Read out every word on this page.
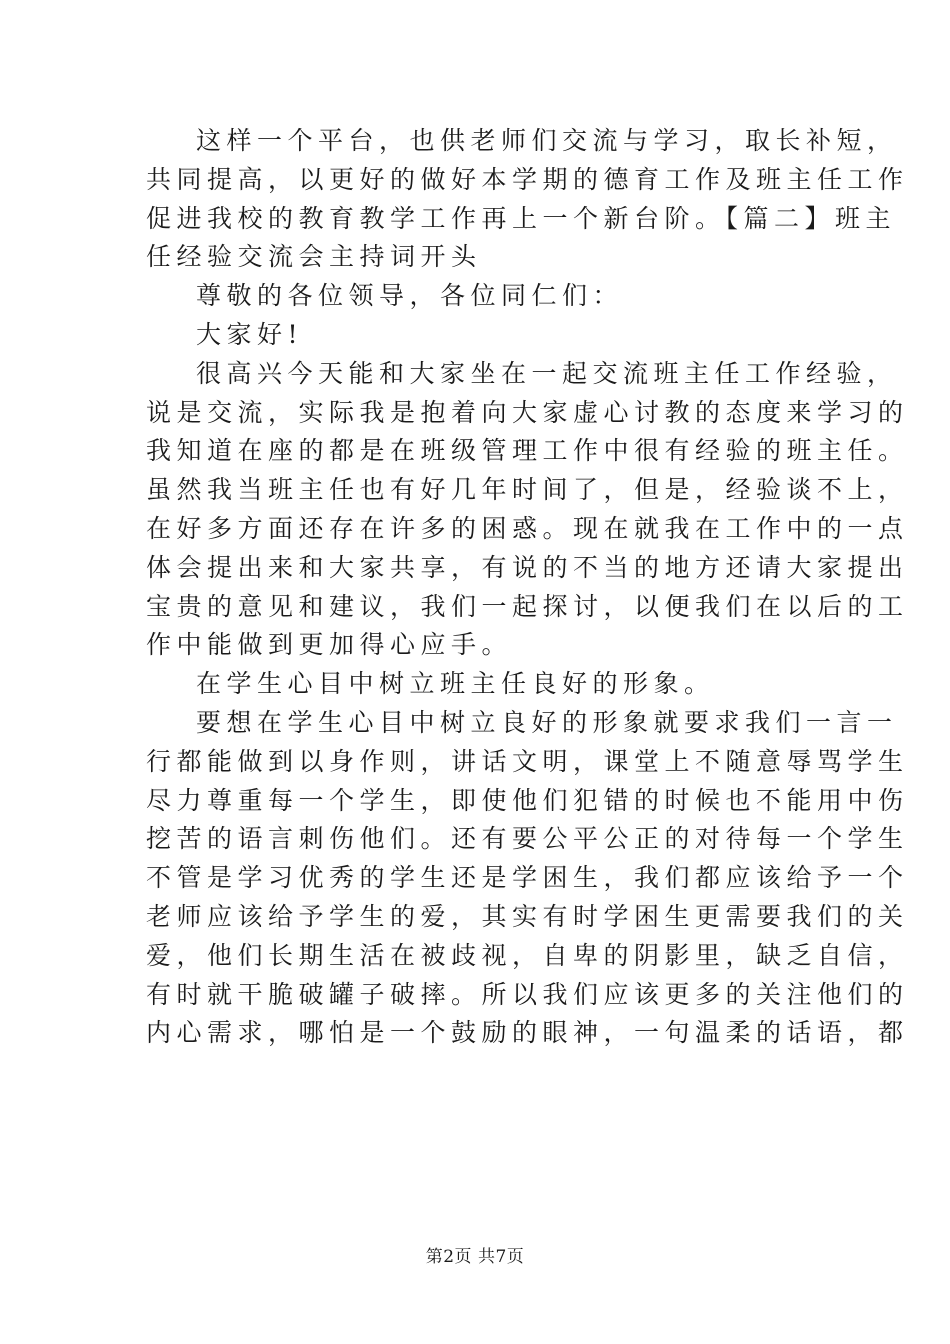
这样一个平台，也供老师们交流与学习，取长补短，
共同提高，以更好的做好本学期的德育工作及班主任工作
促进我校的教育教学工作再上一个新台阶。【篇二】班主
任经验交流会主持词开头
尊敬的各位领导，各位同仁们：
大家好!
很高兴今天能和大家坐在一起交流班主任工作经验，
说是交流，实际我是抱着向大家虚心讨教的态度来学习的
我知道在座的都是在班级管理工作中很有经验的班主任。
虽然我当班主任也有好几年时间了，但是，经验谈不上，
在好多方面还存在许多的困惑。现在就我在工作中的一点
体会提出来和大家共享，有说的不当的地方还请大家提出
宝贵的意见和建议，我们一起探讨，以便我们在以后的工
作中能做到更加得心应手。
在学生心目中树立班主任良好的形象。
要想在学生心目中树立良好的形象就要求我们一言一
行都能做到以身作则，讲话文明，课堂上不随意辱骂学生
尽力尊重每一个学生，即使他们犯错的时候也不能用中伤
挖苦的语言刺伤他们。还有要公平公正的对待每一个学生
不管是学习优秀的学生还是学困生，我们都应该给予一个
老师应该给予学生的爱，其实有时学困生更需要我们的关
爱，他们长期生活在被歧视，自卑的阴影里，缺乏自信，
有时就干脆破罐子破摔。所以我们应该更多的关注他们的
内心需求，哪怕是一个鼓励的眼神，一句温柔的话语，都
第2页 共7页
